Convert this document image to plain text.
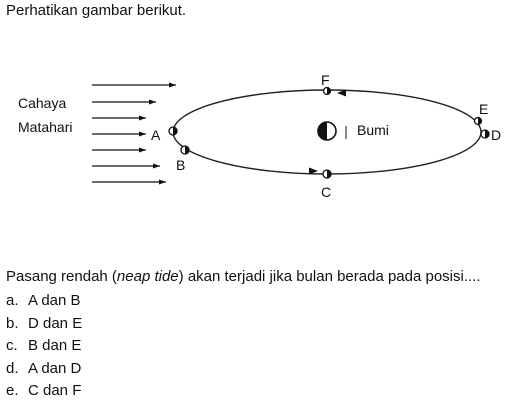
Perhatikan gambar berikut.
Cahaya
Matahari	Bumi
A
B
C
F
E
D
Pasang rendah (neap tide) akan terjadi jika bulan berada pada posisi....
a. A dan B
b. D dan E
c. B dan E
d. A dan D
e. C dan F
